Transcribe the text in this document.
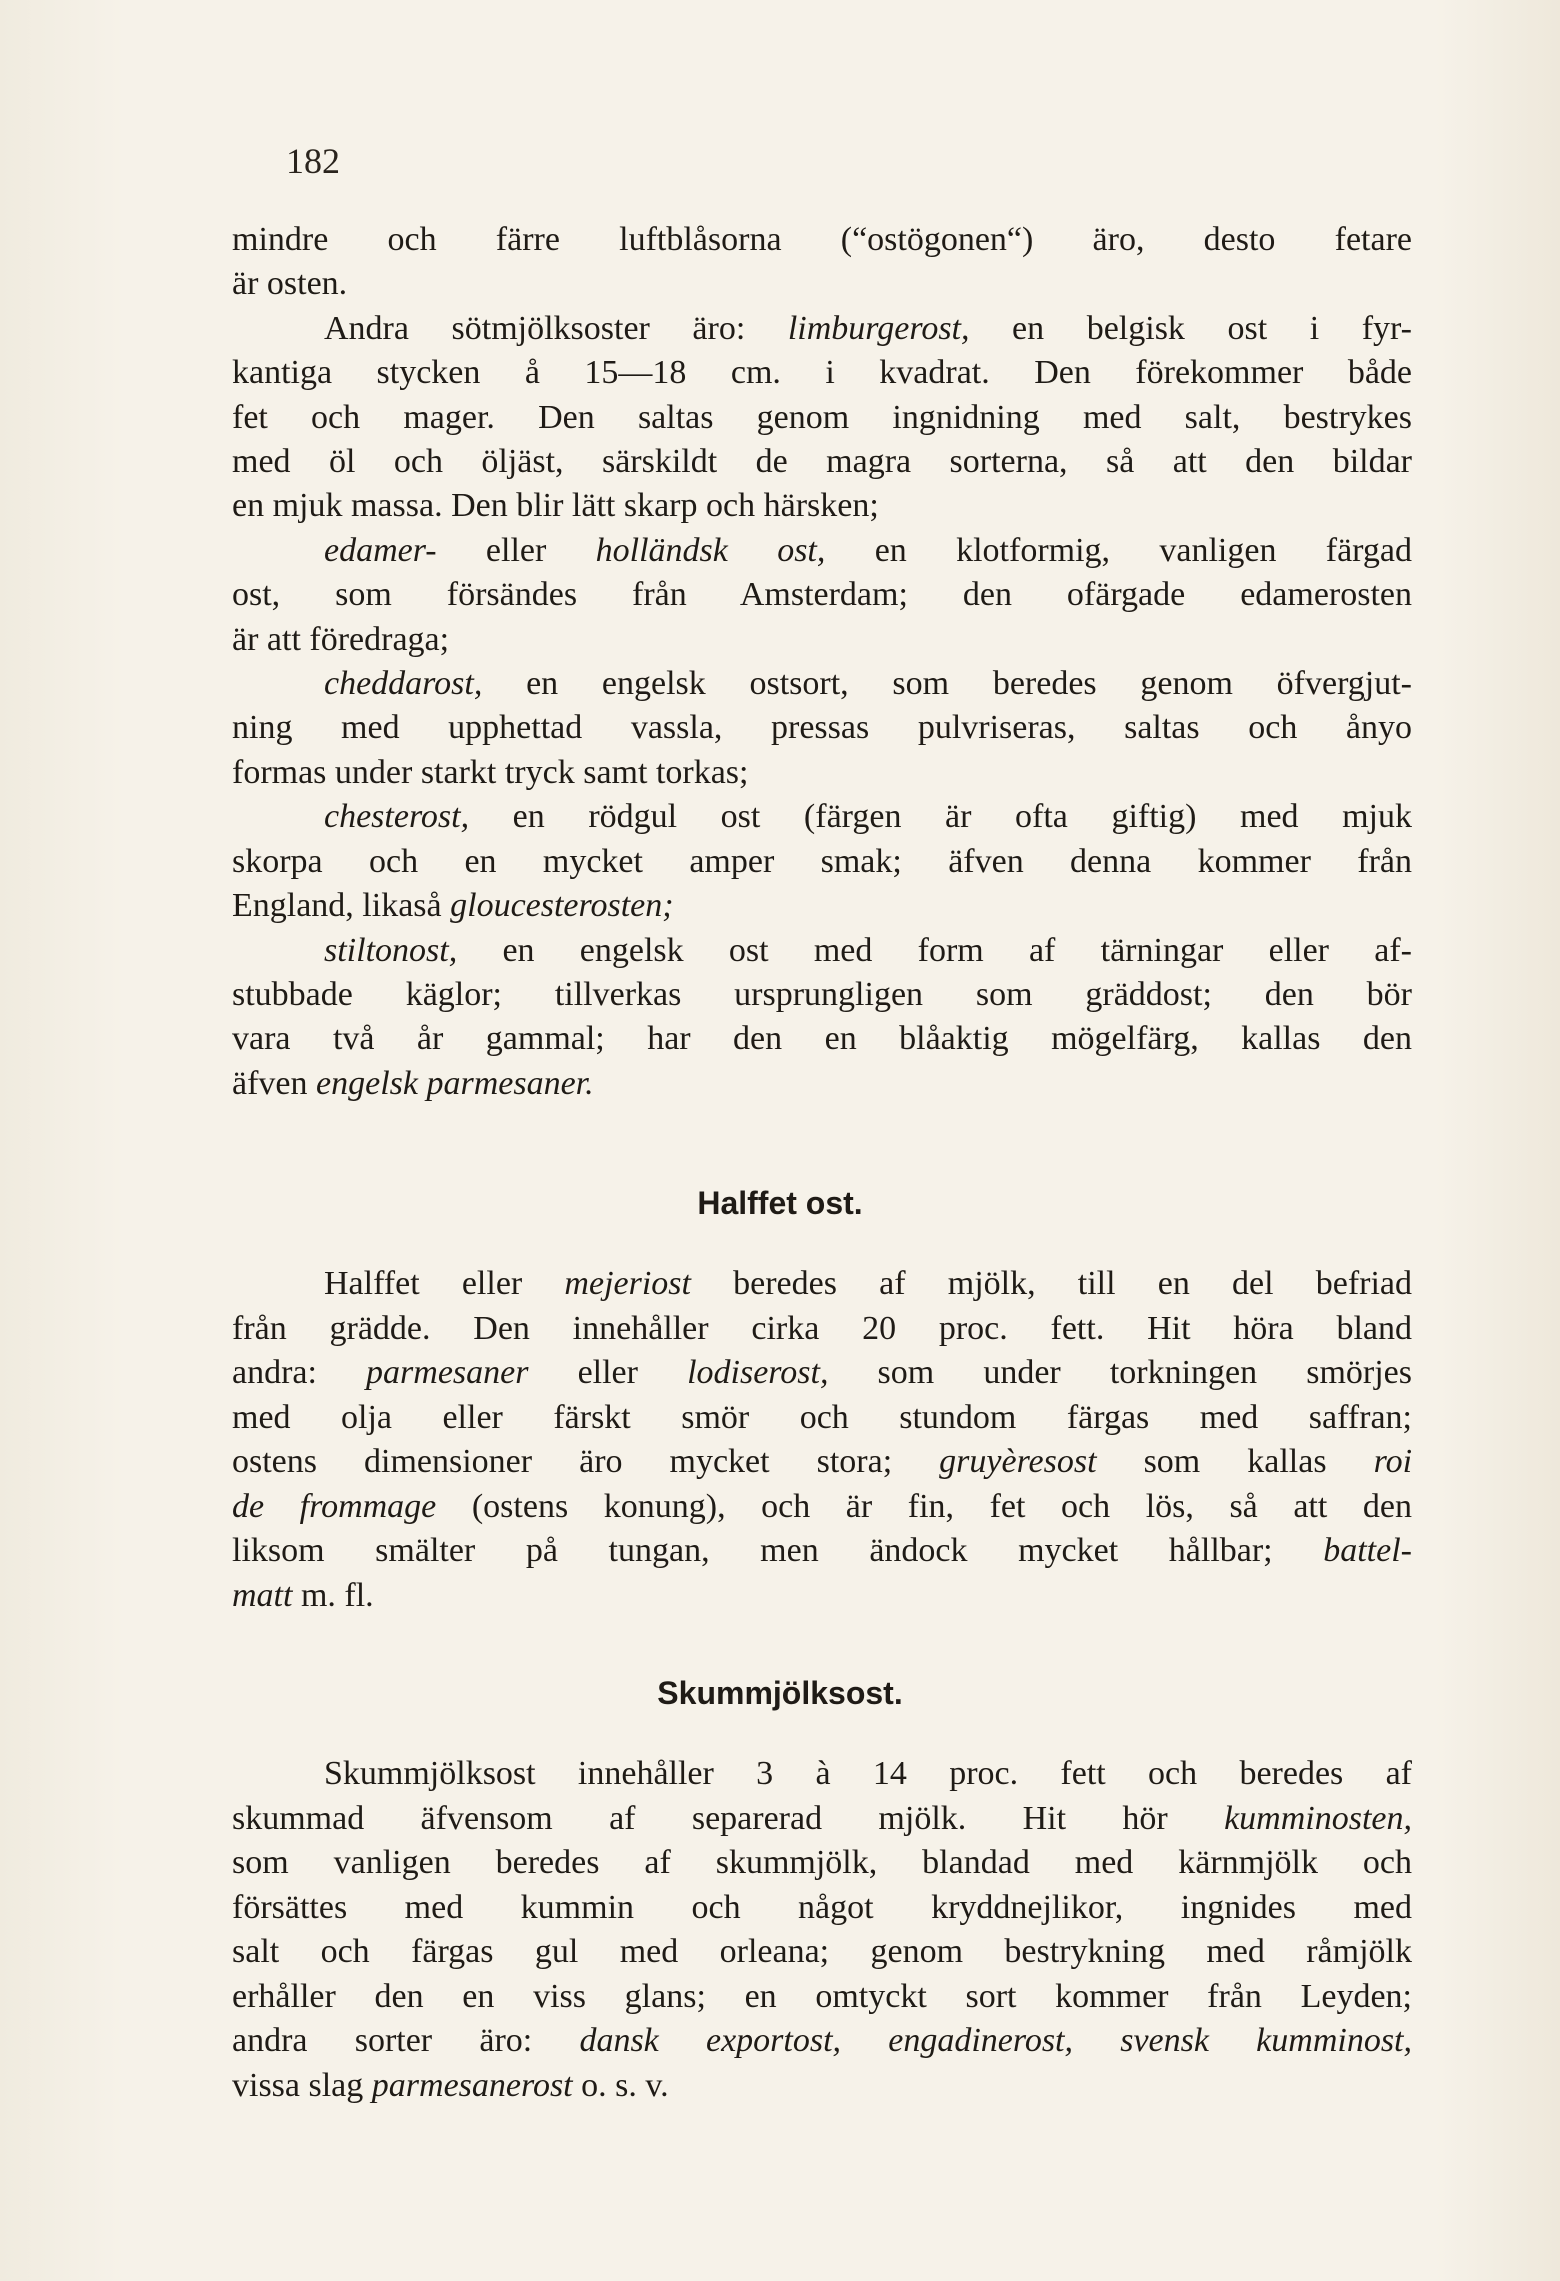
182
mindre och färre luftblåsorna (“ostögonen“) äro, desto fetare
är osten.
Andra sötmjölksoster äro: limburgerost, en belgisk ost i fyr-
kantiga stycken å 15—18 cm. i kvadrat. Den förekommer både
fet och mager. Den saltas genom ingnidning med salt, bestrykes
med öl och öljäst, särskildt de magra sorterna, så att den bildar
en mjuk massa. Den blir lätt skarp och härsken;
edamer- eller holländsk ost, en klotformig, vanligen färgad
ost, som försändes från Amsterdam; den ofärgade edamerosten
är att föredraga;
cheddarost, en engelsk ostsort, som beredes genom öfvergjut-
ning med upphettad vassla, pressas pulvriseras, saltas och ånyo
formas under starkt tryck samt torkas;
chesterost, en rödgul ost (färgen är ofta giftig) med mjuk
skorpa och en mycket amper smak; äfven denna kommer från
England, likaså gloucesterosten;
stiltonost, en engelsk ost med form af tärningar eller af-
stubbade käglor; tillverkas ursprungligen som gräddost; den bör
vara två år gammal; har den en blåaktig mögelfärg, kallas den
äfven engelsk parmesaner.
Halffet ost.
Halffet eller mejeriost beredes af mjölk, till en del befriad
från grädde. Den innehåller cirka 20 proc. fett. Hit höra bland
andra: parmesaner eller lodiserost, som under torkningen smörjes
med olja eller färskt smör och stundom färgas med saffran;
ostens dimensioner äro mycket stora; gruyèresost som kallas roi
de frommage (ostens konung), och är fin, fet och lös, så att den
liksom smälter på tungan, men ändock mycket hållbar; battel-
matt m. fl.
Skummjölksost.
Skummjölksost innehåller 3 à 14 proc. fett och beredes af
skummad äfvensom af separerad mjölk. Hit hör kumminosten,
som vanligen beredes af skummjölk, blandad med kärnmjölk och
försättes med kummin och något kryddnejlikor, ingnides med
salt och färgas gul med orleana; genom bestrykning med råmjölk
erhåller den en viss glans; en omtyckt sort kommer från Leyden;
andra sorter äro: dansk exportost, engadinerost, svensk kumminost,
vissa slag parmesanerost o. s. v.
